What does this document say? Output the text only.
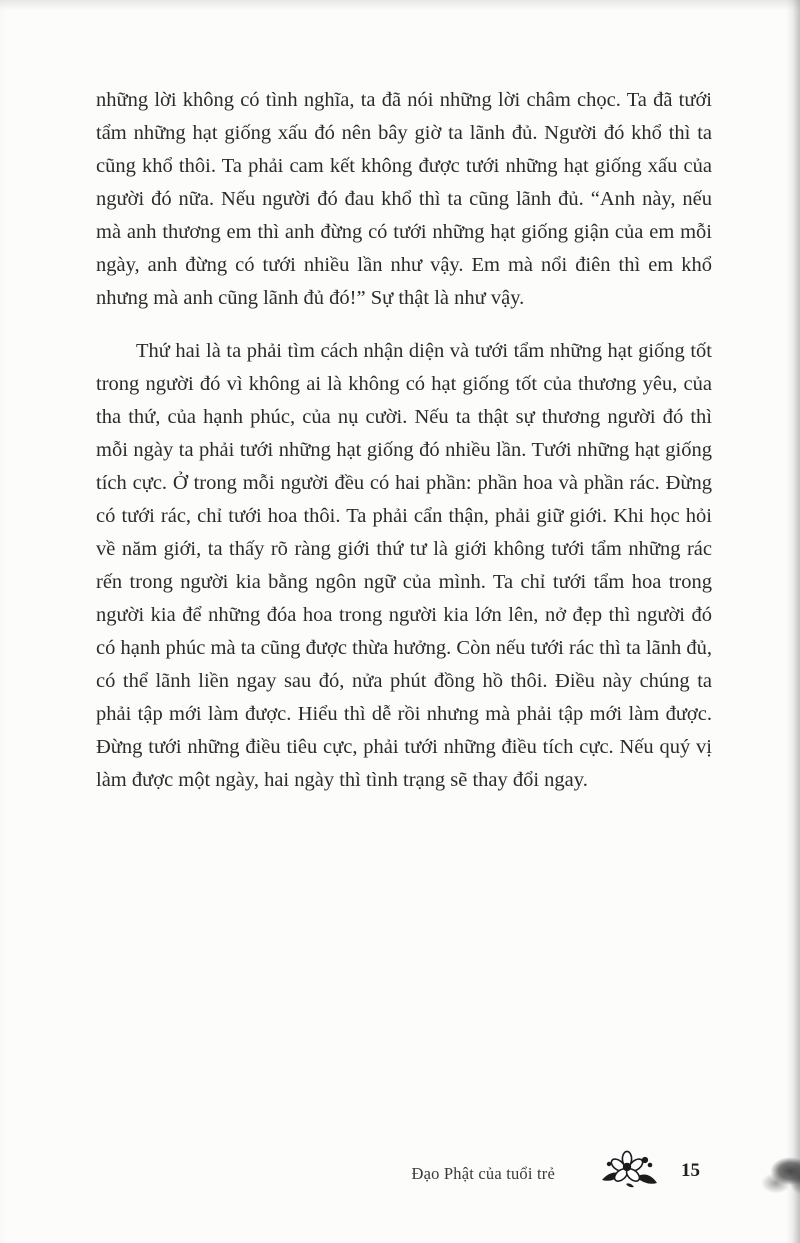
những lời không có tình nghĩa, ta đã nói những lời châm chọc. Ta đã tưới tẩm những hạt giống xấu đó nên bây giờ ta lãnh đủ. Người đó khổ thì ta cũng khổ thôi. Ta phải cam kết không được tưới những hạt giống xấu của người đó nữa. Nếu người đó đau khổ thì ta cũng lãnh đủ. “Anh này, nếu mà anh thương em thì anh đừng có tưới những hạt giống giận của em mỗi ngày, anh đừng có tưới nhiều lần như vậy. Em mà nổi điên thì em khổ nhưng mà anh cũng lãnh đủ đó!” Sự thật là như vậy.

Thứ hai là ta phải tìm cách nhận diện và tưới tẩm những hạt giống tốt trong người đó vì không ai là không có hạt giống tốt của thương yêu, của tha thứ, của hạnh phúc, của nụ cười. Nếu ta thật sự thương người đó thì mỗi ngày ta phải tưới những hạt giống đó nhiều lần. Tưới những hạt giống tích cực. Ở trong mỗi người đều có hai phần: phần hoa và phần rác. Đừng có tưới rác, chỉ tưới hoa thôi. Ta phải cẩn thận, phải giữ giới. Khi học hỏi về năm giới, ta thấy rõ ràng giới thứ tư là giới không tưới tẩm những rác rến trong người kia bằng ngôn ngữ của mình. Ta chỉ tưới tẩm hoa trong người kia để những đóa hoa trong người kia lớn lên, nở đẹp thì người đó có hạnh phúc mà ta cũng được thừa hưởng. Còn nếu tưới rác thì ta lãnh đủ, có thể lãnh liền ngay sau đó, nửa phút đồng hồ thôi. Điều này chúng ta phải tập mới làm được. Hiểu thì dễ rồi nhưng mà phải tập mới làm được. Đừng tưới những điều tiêu cực, phải tưới những điều tích cực. Nếu quý vị làm được một ngày, hai ngày thì tình trạng sẽ thay đổi ngay.

Đạo Phật của tuổi trẻ	15
